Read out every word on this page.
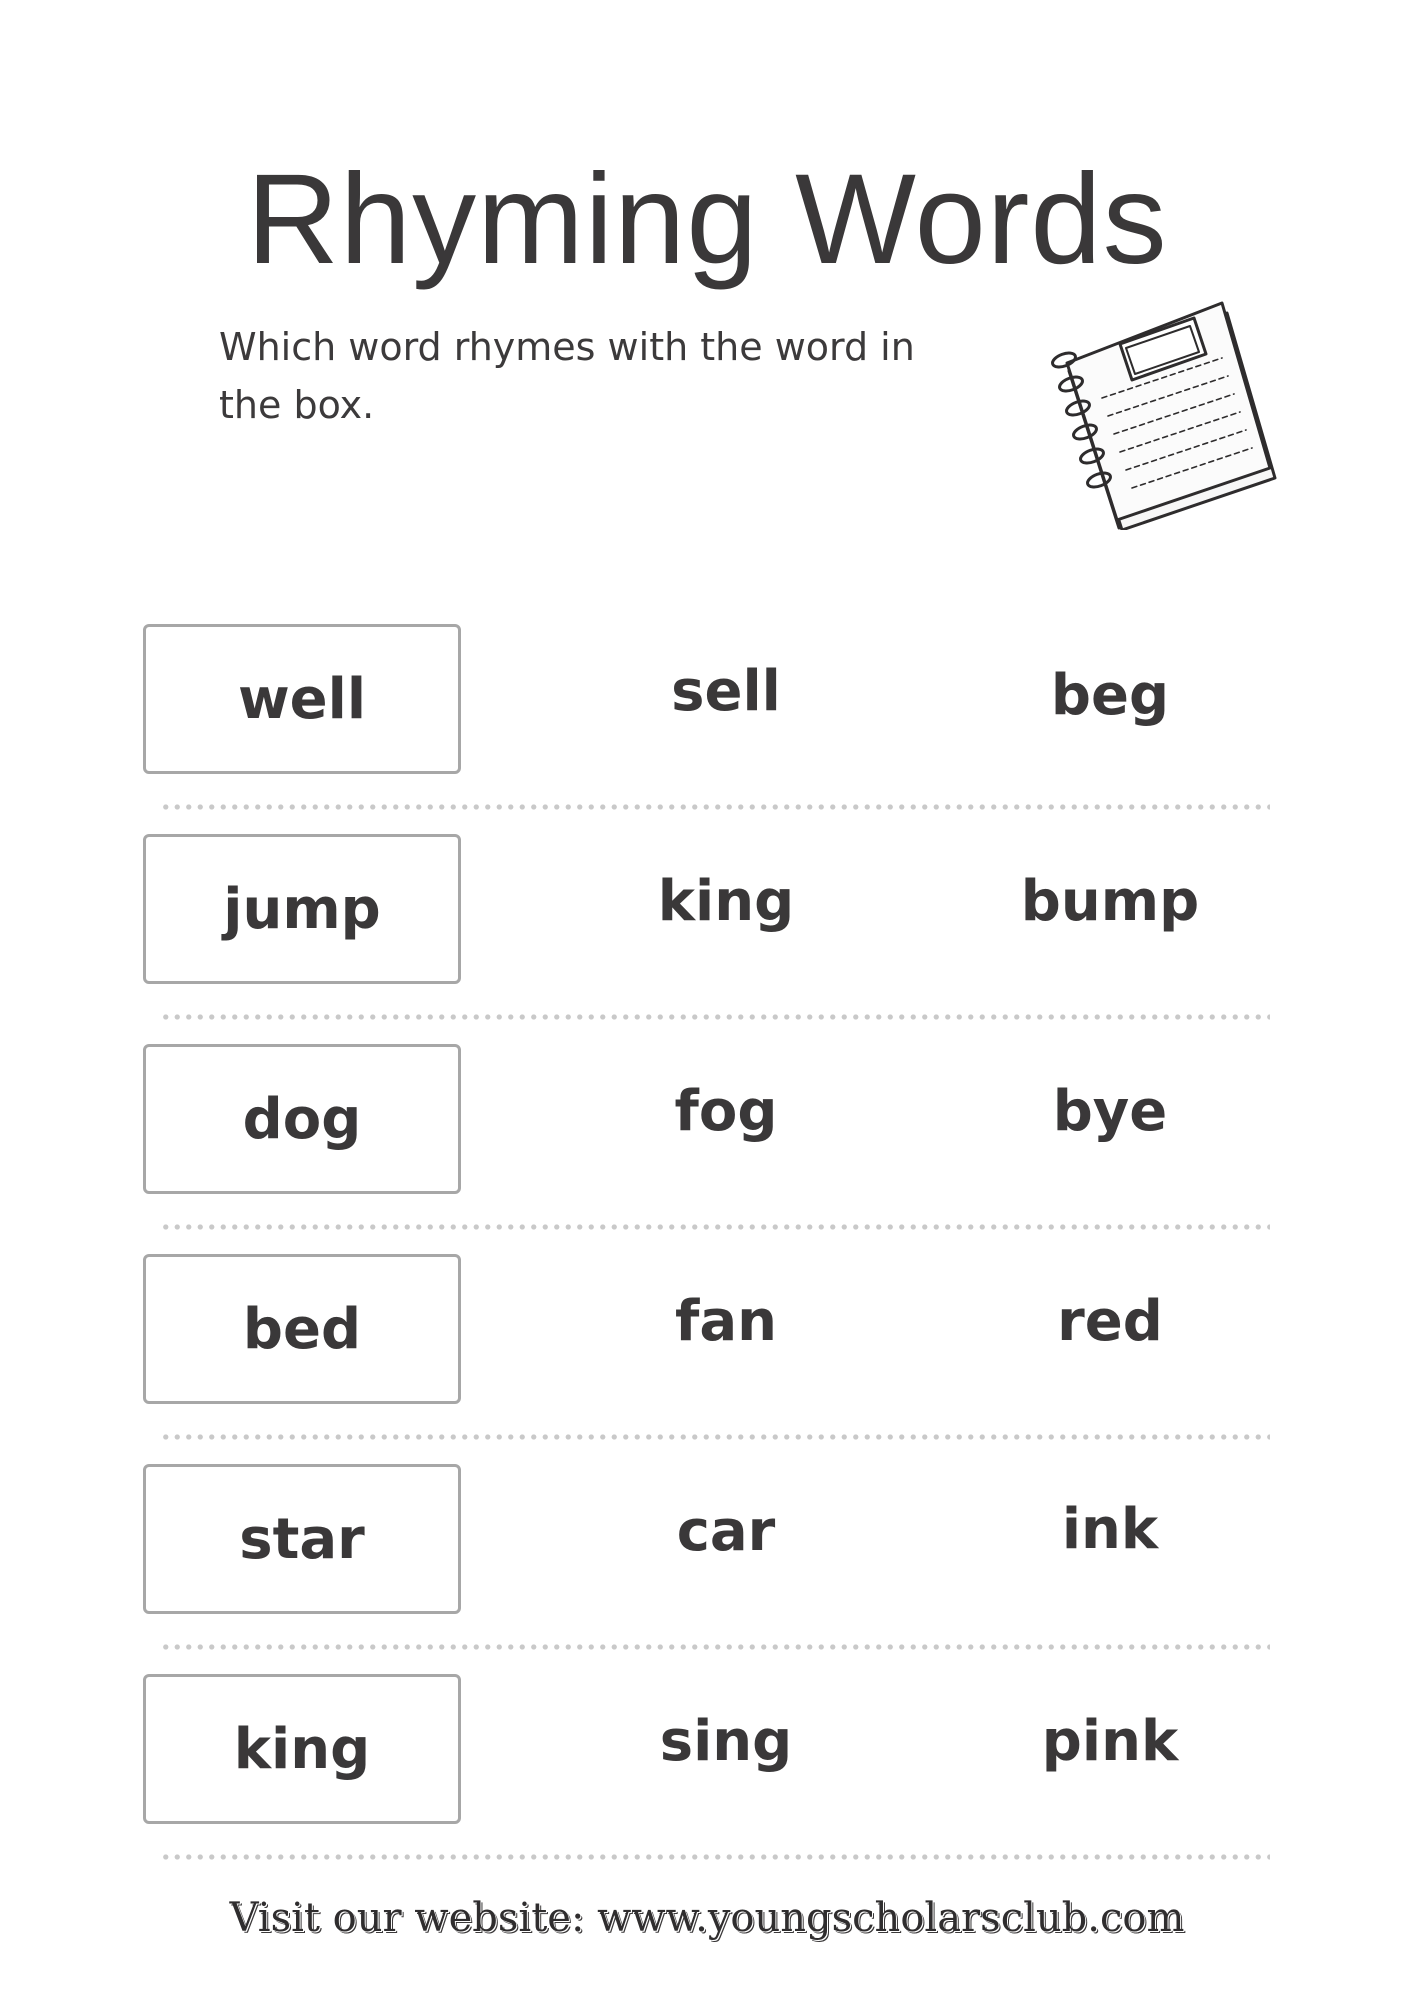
Rhyming Words
Which word rhymes with the word in the box.
well	sell	beg
jump	king	bump
dog	fog	bye
bed	fan	red
star	car	ink
king	sing	pink
Visit our website: www.youngscholarsclub.com
